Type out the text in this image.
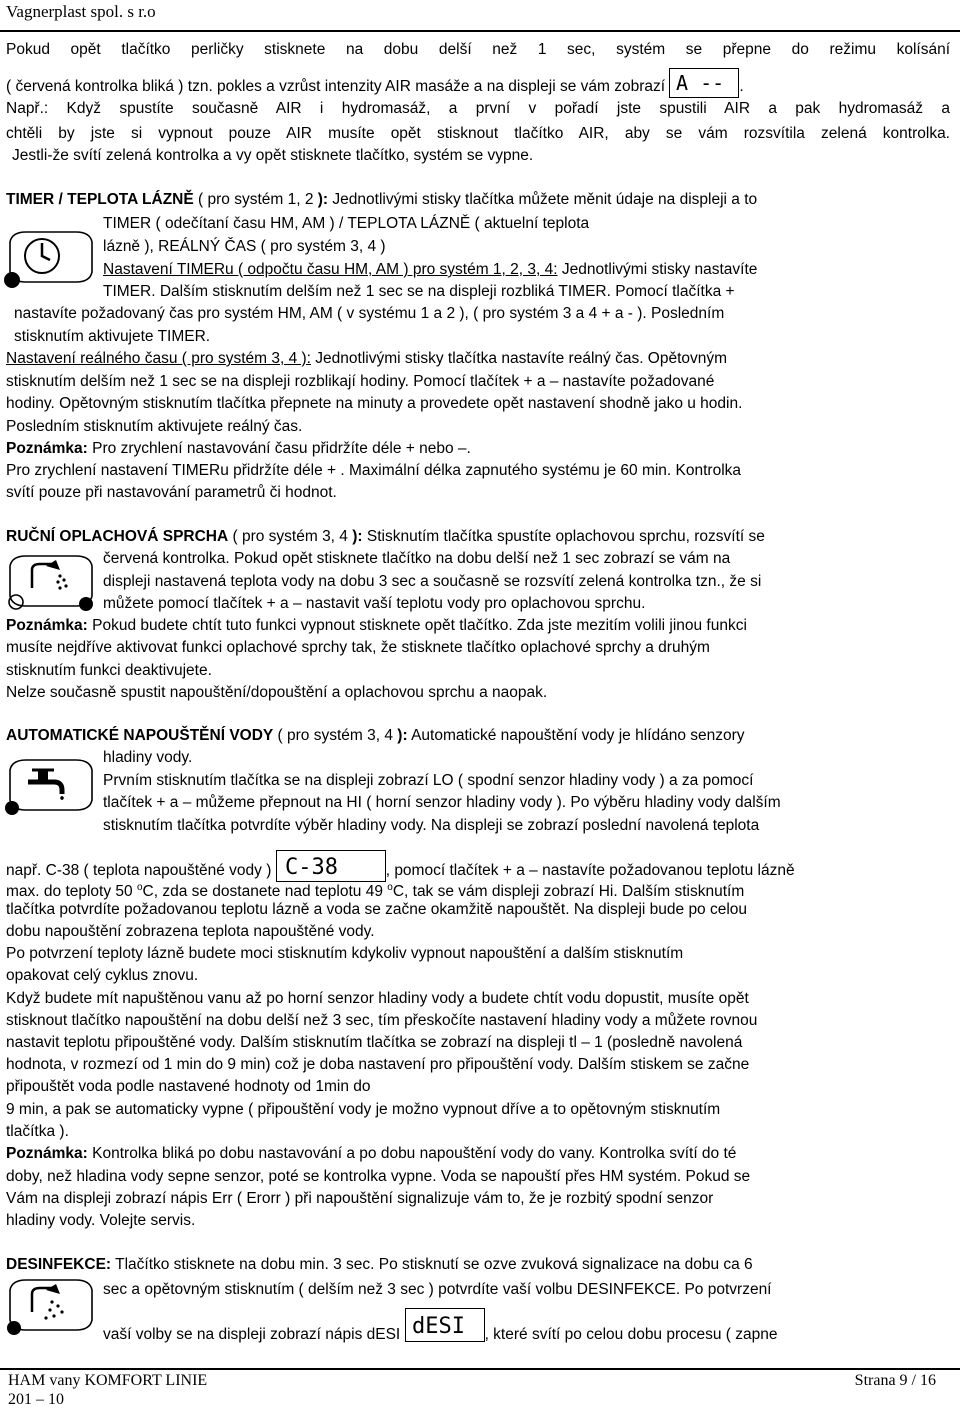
Vagnerplast spol. s r.o
Pokud opět tlačítko perličky stisknete na dobu delší než 1 sec, systém se přepne do režimu kolísání
( červená kontrolka bliká ) tzn. pokles a vzrůst intenzity AIR masáže a na displeji se vám zobrazí A -- .
Např.: Když spustíte současně AIR i hydromasáž, a první v pořadí jste spustili AIR a pak hydromasáž a
chtěli by jste si vypnout pouze AIR musíte opět stisknout tlačítko AIR, aby se vám rozsvítila zelená kontrolka.
Jestli-že svítí zelená kontrolka a vy opět stisknete tlačítko, systém se vypne.
TIMER / TEPLOTA LÁZNĚ ( pro systém 1, 2 ): Jednotlivými stisky tlačítka můžete měnit údaje na displeji a to
TIMER ( odečítaní času HM, AM ) / TEPLOTA LÁZNĚ ( aktuelní teplota
lázně ), REÁLNÝ ČAS ( pro systém 3, 4 )
Nastavení TIMERu ( odpočtu času HM, AM ) pro systém 1, 2, 3, 4: Jednotlivými stisky nastavíte
TIMER. Dalším stisknutím delším než 1 sec se na displeji rozbliká TIMER. Pomocí tlačítka +
nastavíte požadovaný čas pro systém HM, AM ( v systému 1 a 2 ), ( pro systém 3 a 4 + a - ). Posledním
stisknutím aktivujete TIMER.
Nastavení reálného času ( pro systém 3, 4 ): Jednotlivými stisky tlačítka nastavíte reálný čas. Opětovným
stisknutím delším než 1 sec se na displeji rozblikají hodiny. Pomocí tlačítek + a – nastavíte požadované
hodiny. Opětovným stisknutím tlačítka přepnete na minuty a provedete opět nastavení shodně jako u hodin.
Posledním stisknutím aktivujete reálný čas.
Poznámka: Pro zrychlení nastavování času přidržíte déle + nebo –.
Pro zrychlení nastavení TIMERu přidržíte déle + . Maximální délka zapnutého systému je 60 min. Kontrolka
svítí pouze při nastavování parametrů či hodnot.
RUČNÍ OPLACHOVÁ SPRCHA ( pro systém 3, 4 ): Stisknutím tlačítka spustíte oplachovou sprchu, rozsvítí se
červená kontrolka. Pokud opět stisknete tlačítko na dobu delší než 1 sec zobrazí se vám na
displeji nastavená teplota vody na dobu 3 sec a současně se rozsvítí zelená kontrolka tzn., že si
můžete pomocí tlačítek + a – nastavit vaší teplotu vody pro oplachovou sprchu.
Poznámka: Pokud budete chtít tuto funkci vypnout stisknete opět tlačítko. Zda jste mezitím volili jinou funkci
musíte nejdříve aktivovat funkci oplachové sprchy tak, že stisknete tlačítko oplachové sprchy a druhým
stisknutím funkci deaktivujete.
Nelze současně spustit napouštění/dopouštění a oplachovou sprchu a naopak.
AUTOMATICKÉ NAPOUŠTĚNÍ VODY ( pro systém 3, 4 ): Automatické napouštění vody je hlídáno senzory
hladiny vody.
Prvním stisknutím tlačítka se na displeji zobrazí LO ( spodní senzor hladiny vody ) a za pomocí
tlačítek + a – můžeme přepnout na HI ( horní senzor hladiny vody ). Po výběru hladiny vody dalším
stisknutím tlačítka potvrdíte výběr hladiny vody. Na displeji se zobrazí poslední navolená teplota
např. C-38 ( teplota napouštěné vody ) C-38	, pomocí tlačítek + a – nastavíte požadovanou teplotu lázně
max. do teploty 50 $^o$C, zda se dostanete nad teplotu 49 $^o$C, tak se vám displeji zobrazí Hi. Dalším stisknutím
tlačítka potvrdíte požadovanou teplotu lázně a voda se začne okamžitě napouštět. Na displeji bude po celou
dobu napouštění zobrazena teplota napouštěné vody.
Po potvrzení teploty lázně budete moci stisknutím kdykoliv vypnout napouštění a dalším stisknutím
opakovat celý cyklus znovu.
Když budete mít napuštěnou vanu až po horní senzor hladiny vody a budete chtít vodu dopustit, musíte opět
stisknout tlačítko napouštění na dobu delší než 3 sec, tím přeskočíte nastavení hladiny vody a můžete rovnou
nastavit teplotu připouštěné vody. Dalším stisknutím tlačítka se zobrazí na displeji tl – 1 (posledně navolená
hodnota, v rozmezí od 1 min do 9 min) což je doba nastavení pro připouštění vody. Dalším stiskem se začne
připouštět voda podle nastavené hodnoty od 1min do
9 min, a pak se automaticky vypne ( připouštění vody je možno vypnout dříve a to opětovným stisknutím
tlačítka ).
Poznámka: Kontrolka bliká po dobu nastavování a po dobu napouštění vody do vany. Kontrolka svítí do té
doby, než hladina vody sepne senzor, poté se kontrolka vypne. Voda se napouští přes HM systém. Pokud se
Vám na displeji zobrazí nápis Err ( Erorr ) při napouštění signalizuje vám to, že je rozbitý spodní senzor
hladiny vody. Volejte servis.
DESINFEKCE: Tlačítko stisknete na dobu min. 3 sec. Po stisknutí se ozve zvuková signalizace na dobu ca 6
sec a opětovným stisknutím ( delším než 3 sec ) potvrdíte vaší volbu DESINFEKCE. Po potvrzení
vaší volby se na displeji zobrazí nápis dESI dESI , které svítí po celou dobu procesu ( zapne
HAM vany KOMFORT LINIE
201 – 10
Strana 9 / 16
